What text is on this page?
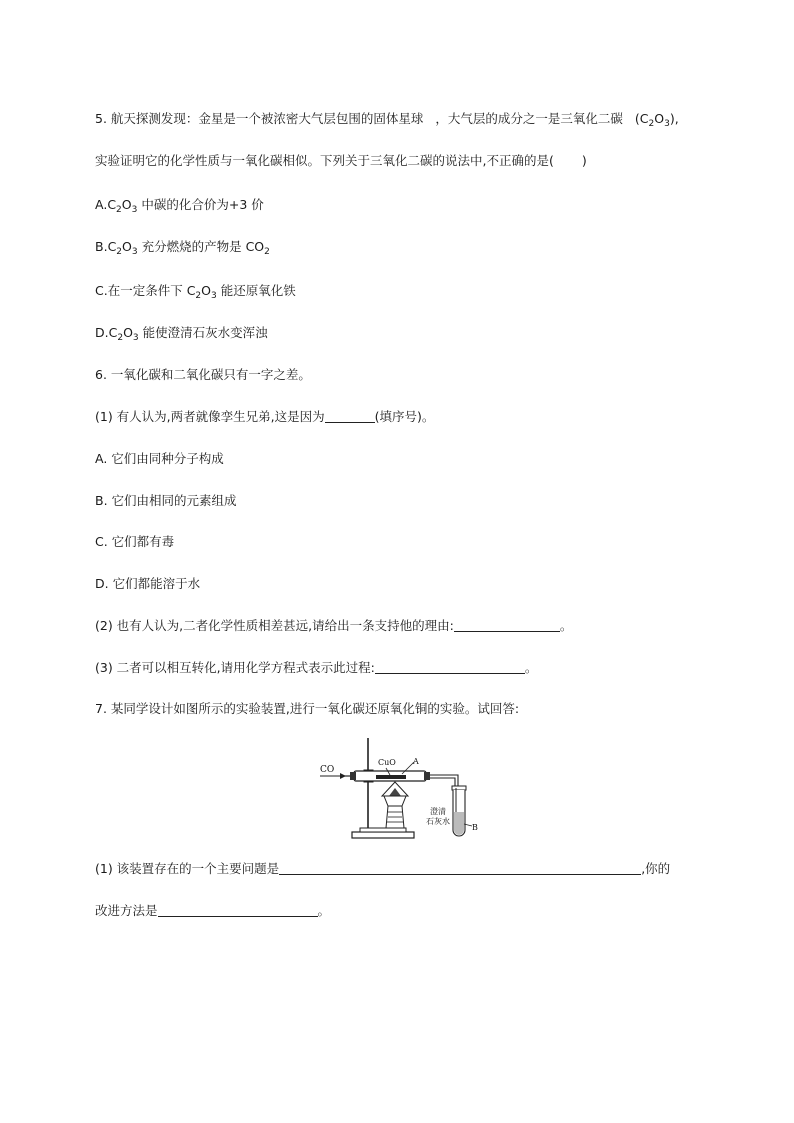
5. 航天探测发现：金星是一个被浓密大气层包围的固体星球 ，大气层的成分之一是三氧化二碳 $(C_2O_3)$,
实验证明它的化学性质与一氧化碳相似。下列关于三氧化二碳的说法中,不正确的是( )
$A.C_2O_3$ 中碳的化合价为+3 价
$B.C_2O_3$ 充分燃烧的产物是 $CO_2$
C.在一定条件下 $C_2O_3$ 能还原氧化铁
$D.C_2O_3$ 能使澄清石灰水变浑浊
6. 一氧化碳和二氧化碳只有一字之差。
(1) 有人认为,两者就像孪生兄弟,这是因为	(填序号)。
A. 它们由同种分子构成
B. 它们由相同的元素组成
C. 它们都有毒
D. 它们都能溶于水
(2) 也有人认为,二者化学性质相差甚远,请给出一条支持他的理由:	。
(3) 二者可以相互转化,请用化学方程式表示此过程:	。
7. 某同学设计如图所示的实验装置,进行一氧化碳还原氧化铜的实验。试回答:
CO
CuO A
澄清
石灰水
B
(1) 该装置存在的一个主要问题是	,你的
改进方法是	。
